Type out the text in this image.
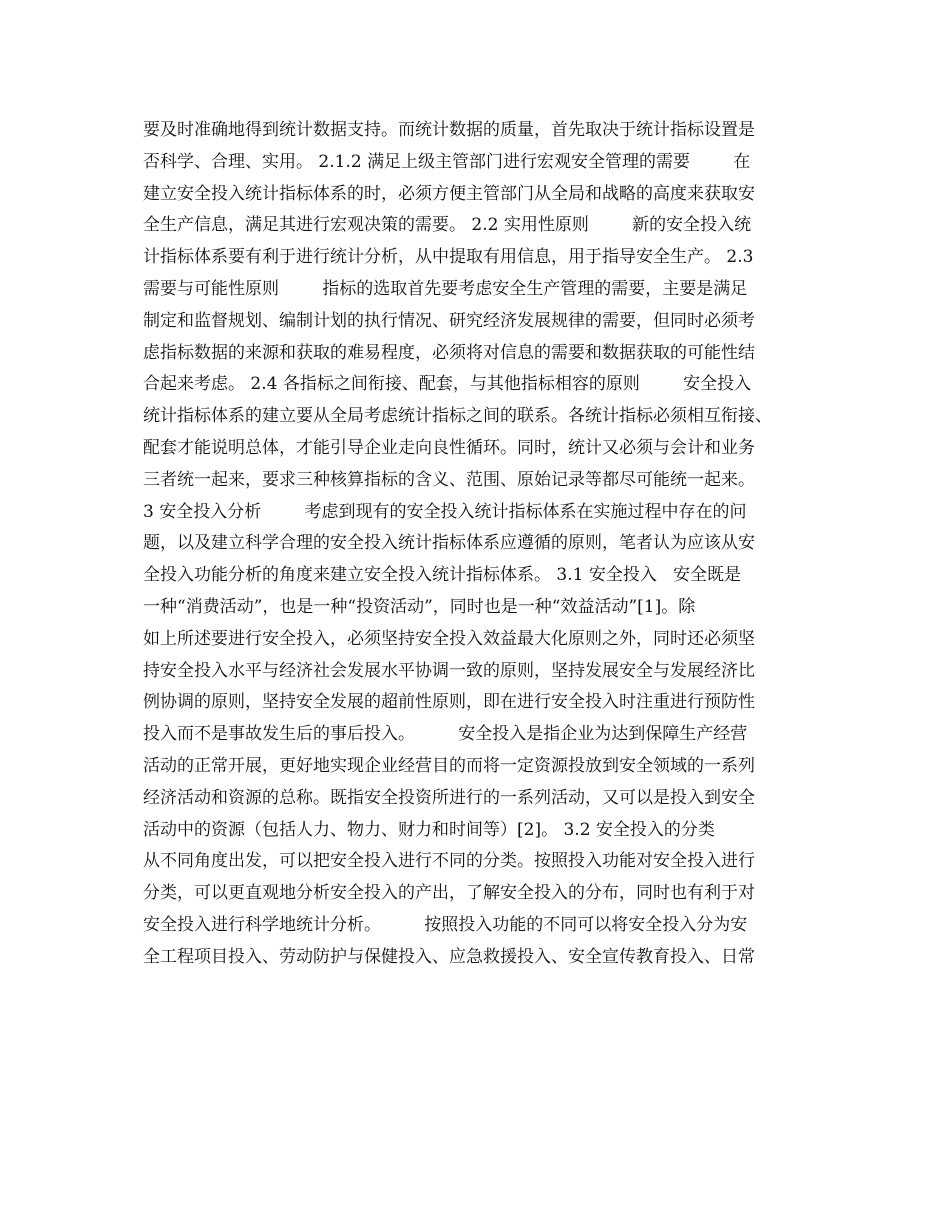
要及时准确地得到统计数据支持。而统计数据的质量，首先取决于统计指标设置是
否科学、合理、实用。 2.1.2 满足上级主管部门进行宏观安全管理的需要        在
建立安全投入统计指标体系的时，必须方便主管部门从全局和战略的高度来获取安
全生产信息，满足其进行宏观决策的需要。 2.2 实用性原则        新的安全投入统
计指标体系要有利于进行统计分析，从中提取有用信息，用于指导安全生产。 2.3
需要与可能性原则        指标的选取首先要考虑安全生产管理的需要，主要是满足
制定和监督规划、编制计划的执行情况、研究经济发展规律的需要，但同时必须考
虑指标数据的来源和获取的难易程度，必须将对信息的需要和数据获取的可能性结
合起来考虑。 2.4 各指标之间衔接、配套，与其他指标相容的原则        安全投入
统计指标体系的建立要从全局考虑统计指标之间的联系。各统计指标必须相互衔接、
配套才能说明总体，才能引导企业走向良性循环。同时，统计又必须与会计和业务
三者统一起来，要求三种核算指标的含义、范围、原始记录等都尽可能统一起来。
3 安全投入分析        考虑到现有的安全投入统计指标体系在实施过程中存在的问
题，以及建立科学合理的安全投入统计指标体系应遵循的原则，笔者认为应该从安
全投入功能分析的角度来建立安全投入统计指标体系。 3.1 安全投入   安全既是
一种“消费活动”，也是一种“投资活动”，同时也是一种“效益活动”[1]。除
如上所述要进行安全投入，必须坚持安全投入效益最大化原则之外，同时还必须坚
持安全投入水平与经济社会发展水平协调一致的原则，坚持发展安全与发展经济比
例协调的原则，坚持安全发展的超前性原则，即在进行安全投入时注重进行预防性
投入而不是事故发生后的事后投入。        安全投入是指企业为达到保障生产经营
活动的正常开展，更好地实现企业经营目的而将一定资源投放到安全领域的一系列
经济活动和资源的总称。既指安全投资所进行的一系列活动，又可以是投入到安全
活动中的资源（包括人力、物力、财力和时间等）[2]。 3.2 安全投入的分类
从不同角度出发，可以把安全投入进行不同的分类。按照投入功能对安全投入进行
分类，可以更直观地分析安全投入的产出，了解安全投入的分布，同时也有利于对
安全投入进行科学地统计分析。        按照投入功能的不同可以将安全投入分为安
全工程项目投入、劳动防护与保健投入、应急救援投入、安全宣传教育投入、日常
